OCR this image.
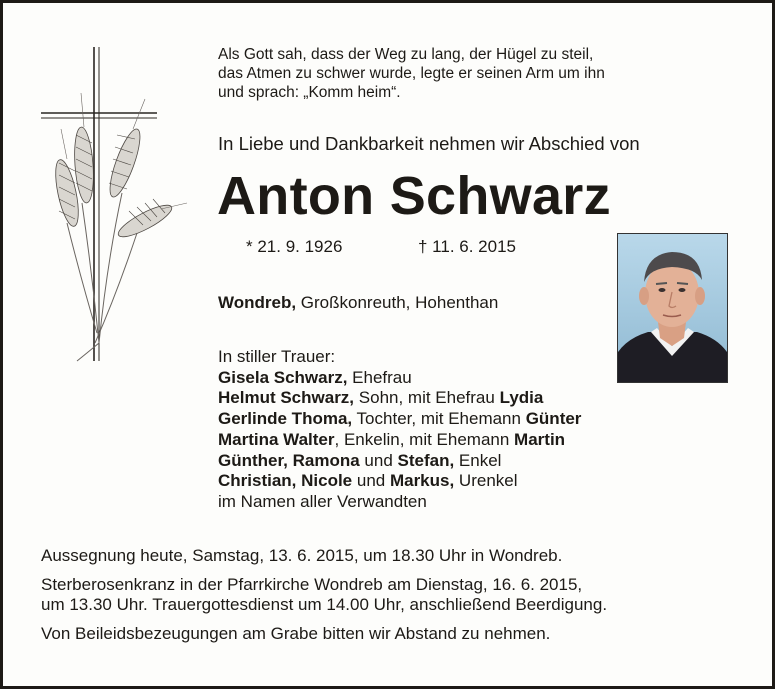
Als Gott sah, dass der Weg zu lang, der Hügel zu steil,
das Atmen zu schwer wurde, legte er seinen Arm um ihn
und sprach: „Komm heim“.
In Liebe und Dankbarkeit nehmen wir Abschied von
Anton Schwarz
* 21. 9. 1926	† 11. 6. 2015
Wondreb, Großkonreuth, Hohenthan
In stiller Trauer:
Gisela Schwarz, Ehefrau
Helmut Schwarz, Sohn, mit Ehefrau Lydia
Gerlinde Thoma, Tochter, mit Ehemann Günter
Martina Walter, Enkelin, mit Ehemann Martin
Günther, Ramona und Stefan, Enkel
Christian, Nicole und Markus, Urenkel
im Namen aller Verwandten
Aussegnung heute, Samstag, 13. 6. 2015, um 18.30 Uhr in Wondreb.
Sterberosenkranz in der Pfarrkirche Wondreb am Dienstag, 16. 6. 2015,
um 13.30 Uhr. Trauergottesdienst um 14.00 Uhr, anschließend Beerdigung.
Von Beileidsbezeugungen am Grabe bitten wir Abstand zu nehmen.
